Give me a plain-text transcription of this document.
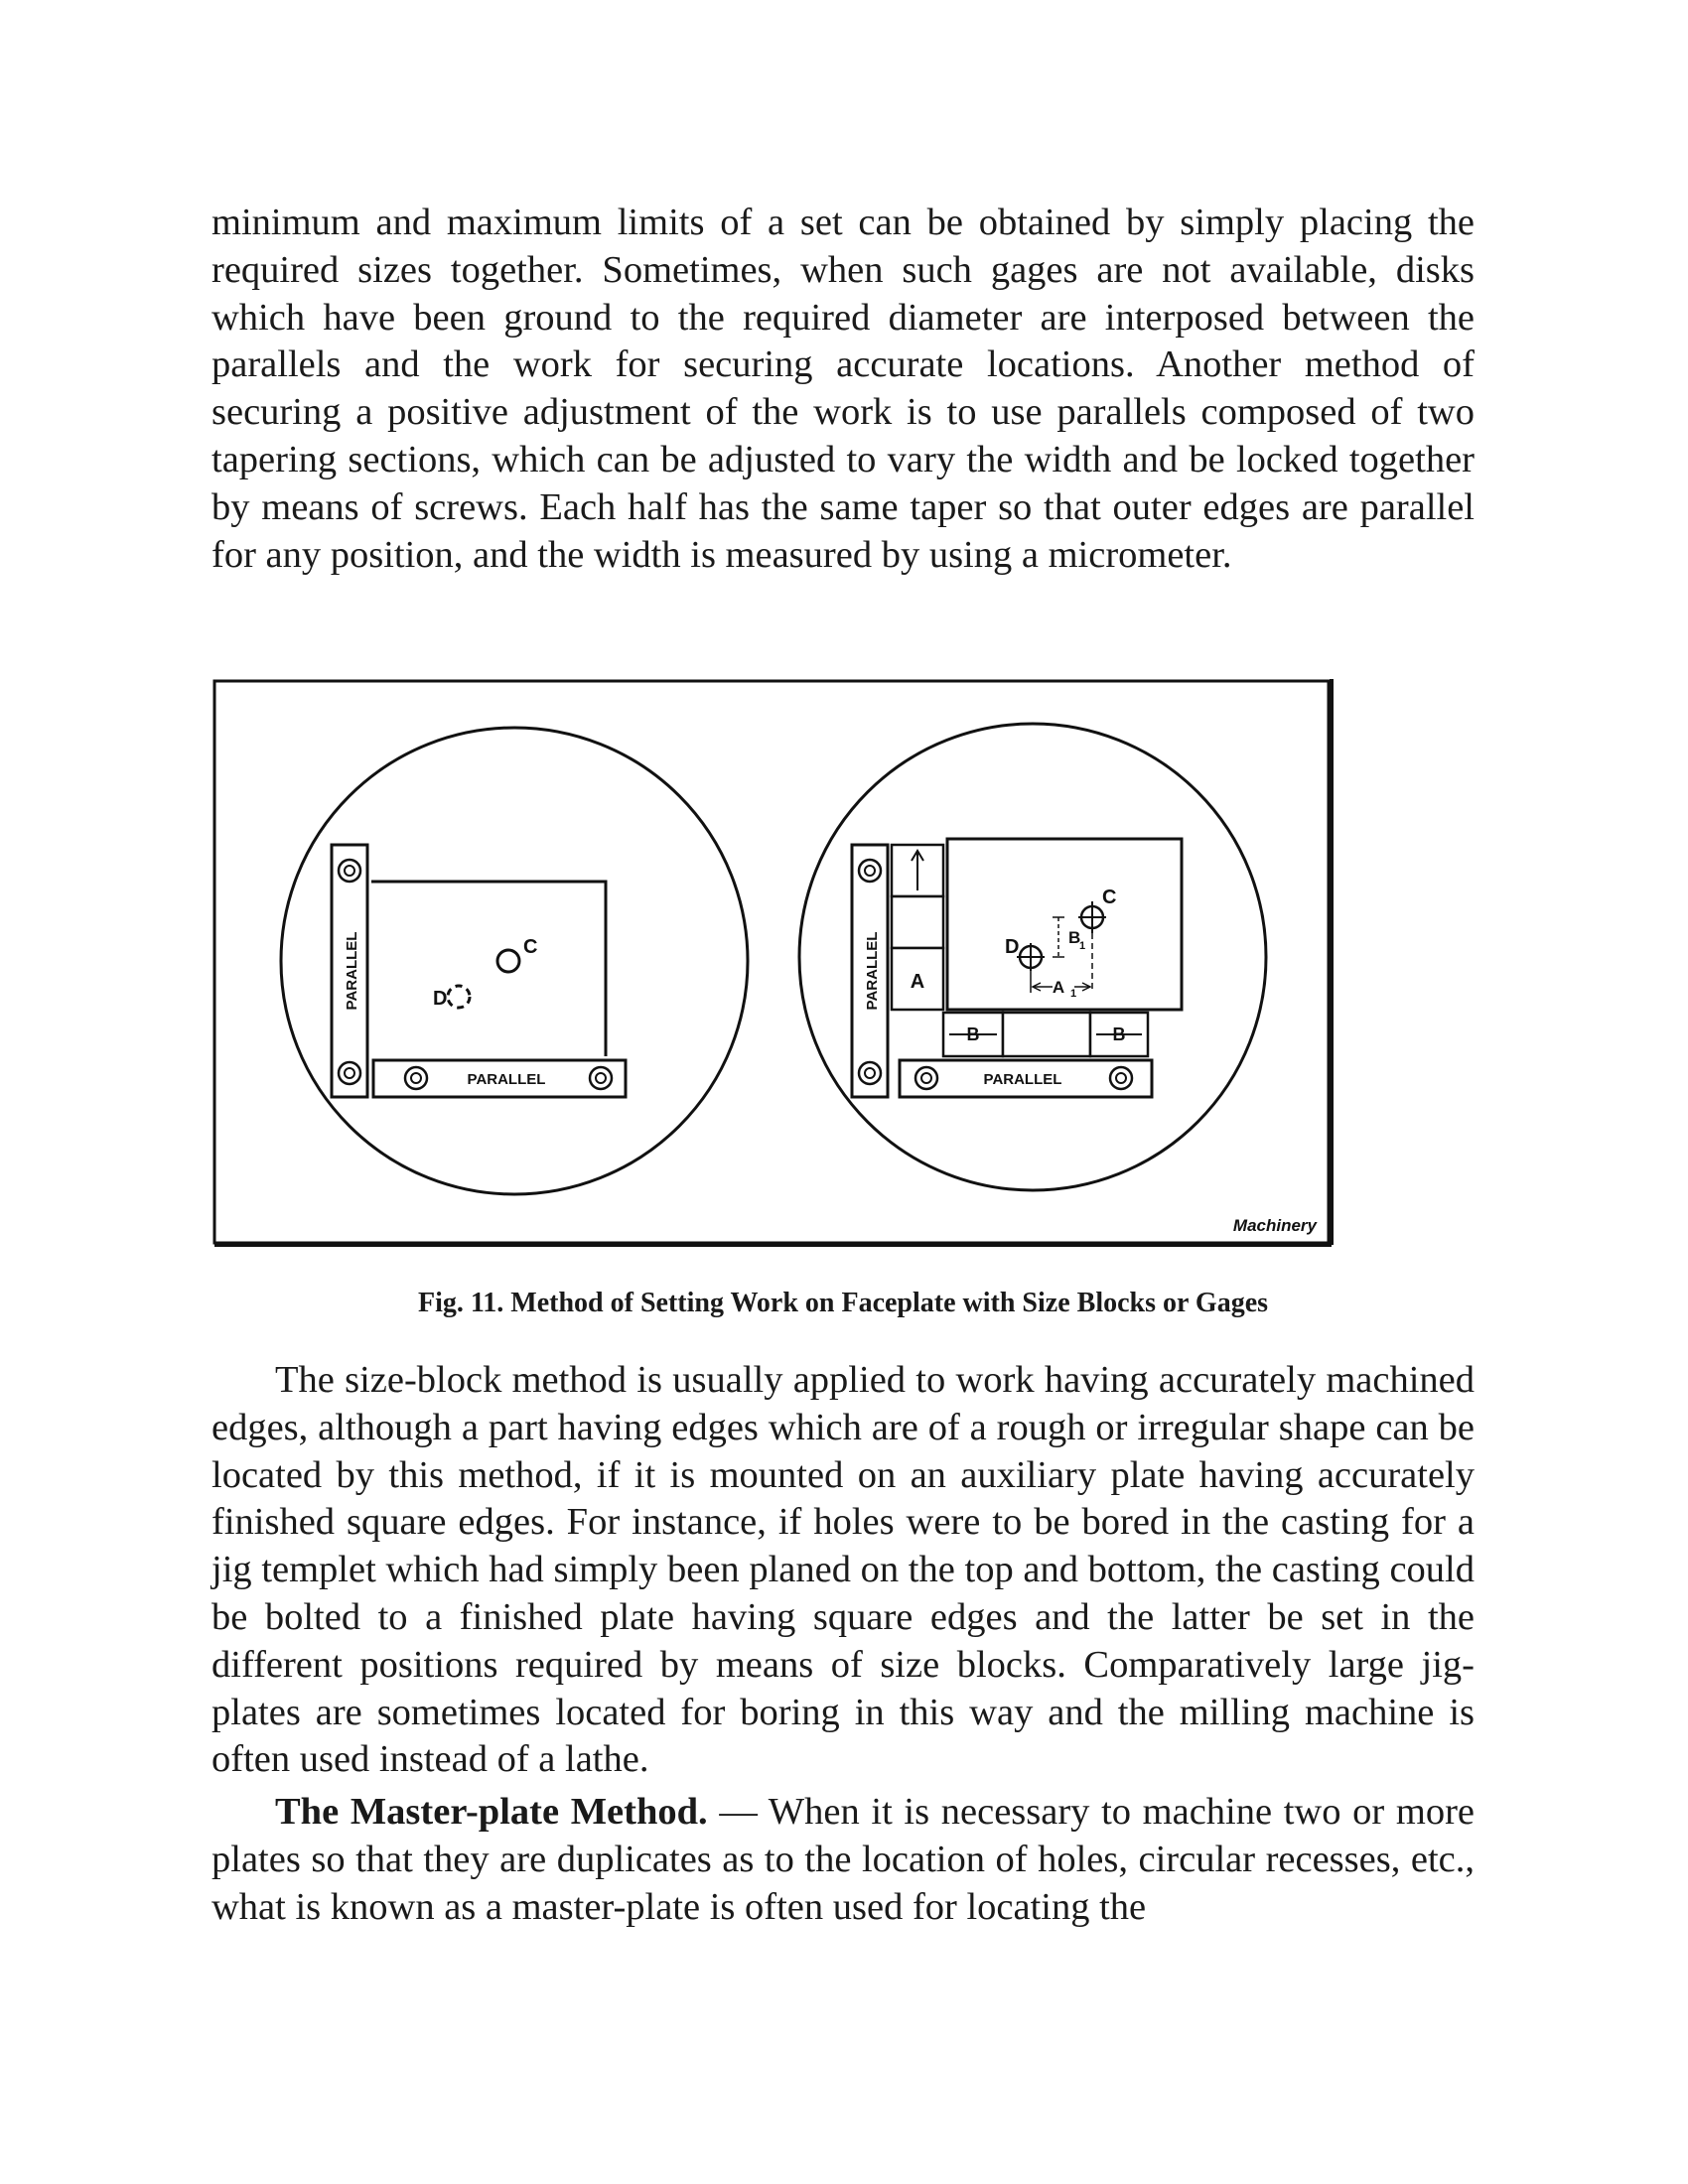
minimum and maximum limits of a set can be obtained by simply placing the required sizes together. Sometimes, when such gages are not available, disks which have been ground to the required diameter are interposed between the parallels and the work for securing accurate locations. Another method of securing a positive adjustment of the work is to use parallels composed of two tapering sections, which can be adjusted to vary the width and be locked together by means of screws. Each half has the same taper so that outer edges are parallel for any position, and the width is measured by using a micrometer.

PARALLEL
PARALLEL
C
D	PARALLEL
PARALLEL
A
B	B
C
D	B
1
A 1
Machinery
Fig. 11. Method of Setting Work on Faceplate with Size Blocks or Gages

The size-block method is usually applied to work having accurately machined edges, although a part having edges which are of a rough or irregular shape can be located by this method, if it is mounted on an auxiliary plate having accurately finished square edges. For instance, if holes were to be bored in the casting for a jig templet which had simply been planed on the top and bottom, the casting could be bolted to a finished plate having square edges and the latter be set in the different positions required by means of size blocks. Comparatively large jig-plates are sometimes located for boring in this way and the milling machine is often used instead of a lathe.

The Master-plate Method. — When it is necessary to machine two or more plates so that they are duplicates as to the location of holes, circular recesses, etc., what is known as a master-plate is often used for locating the
